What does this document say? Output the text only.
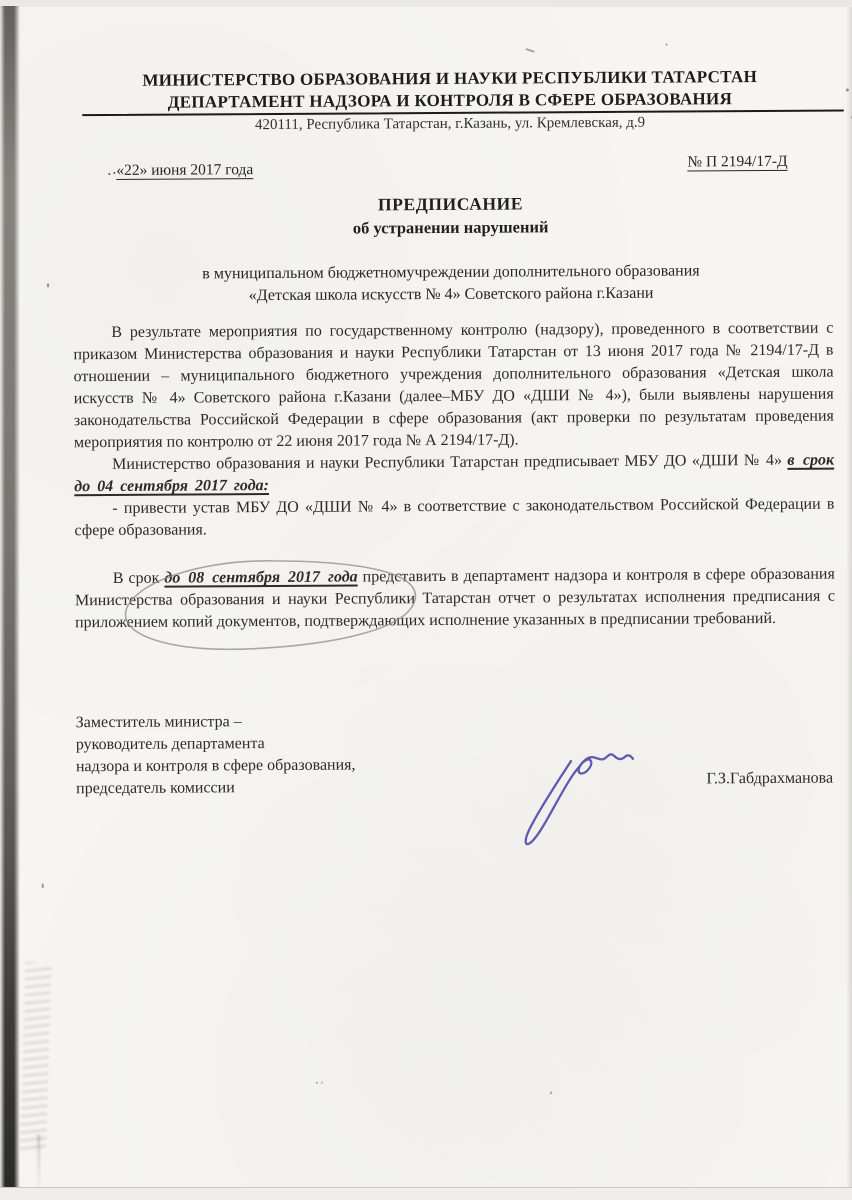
МИНИСТЕРСТВО ОБРАЗОВАНИЯ И НАУКИ РЕСПУБЛИКИ ТАТАРСТАН
ДЕПАРТАМЕНТ НАДЗОРА И КОНТРОЛЯ В СФЕРЕ ОБРАЗОВАНИЯ
420111, Республика Татарстан, г.Казань, ул. Кремлевская, д.9
«22» июня 2017 года	№ П 2194/17-Д
ПРЕДПИСАНИЕ
об устранении нарушений
в муниципальном бюджетномучреждении дополнительного образования
«Детская школа искусств № 4» Советского района г.Казани

В результате мероприятия по государственному контролю (надзору), проведенного в соответствии с приказом Министерства образования и науки Республики Татарстан от 13 июня 2017 года № 2194/17-Д в отношении – муниципального бюджетного учреждения дополнительного образования «Детская школа искусств № 4» Советского района г.Казани (далее–МБУ ДО «ДШИ № 4»), были выявлены нарушения законодательства Российской Федерации в сфере образования (акт проверки по результатам проведения мероприятия по контролю от 22 июня 2017 года № А 2194/17-Д).

Министерство образования и науки Республики Татарстан предписывает МБУ ДО «ДШИ № 4» в срок до 04 сентября 2017 года:

- привести устав МБУ ДО «ДШИ № 4» в соответствие с законодательством Российской Федерации в сфере образования.

В срок до 08 сентября 2017 года представить в департамент надзора и контроля в сфере образования Министерства образования и науки Республики Татарстан отчет о результатах исполнения предписания с приложением копий документов, подтверждающих исполнение указанных в предписании требований.

Заместитель министра –
руководитель департамента
надзора и контроля в сфере образования,
председатель комиссии
Г.З.Габдрахманова
